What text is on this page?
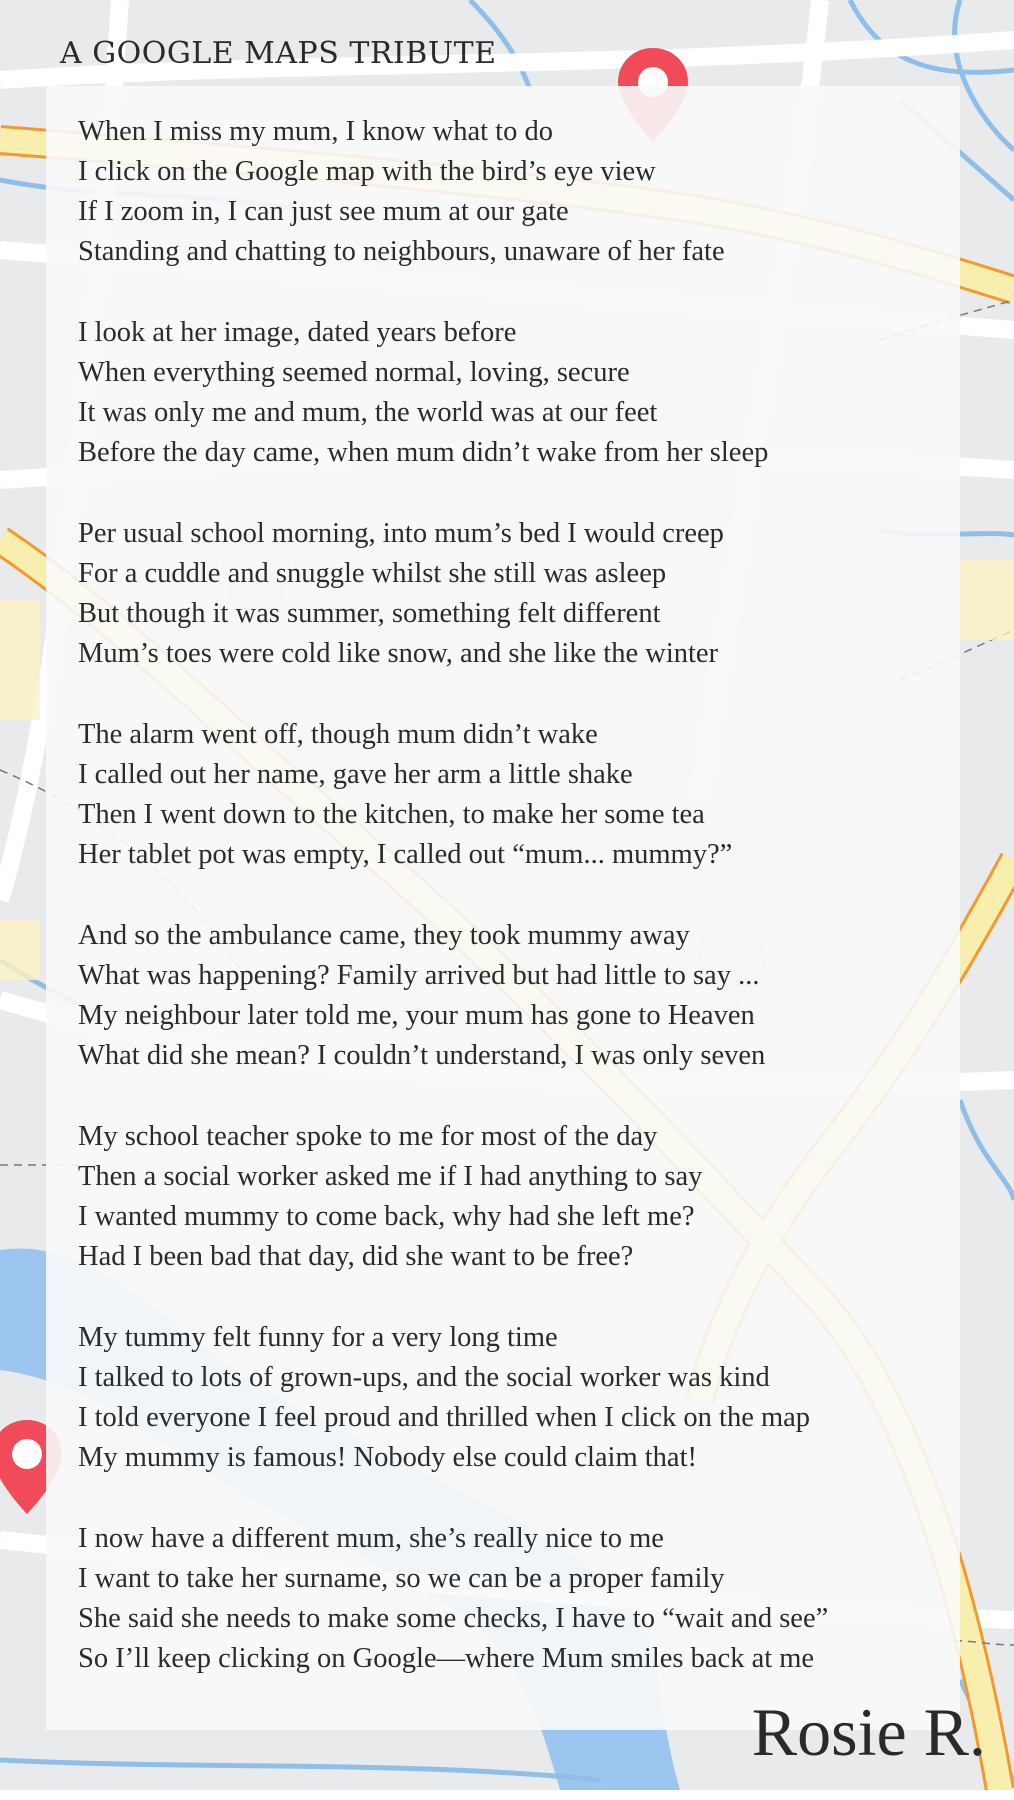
A GOOGLE MAPS TRIBUTE
When I miss my mum, I know what to do
I click on the Google map with the bird’s eye view
If I zoom in, I can just see mum at our gate
Standing and chatting to neighbours, unaware of her fate
I look at her image, dated years before
When everything seemed normal, loving, secure
It was only me and mum, the world was at our feet
Before the day came, when mum didn’t wake from her sleep
Per usual school morning, into mum’s bed I would creep
For a cuddle and snuggle whilst she still was asleep
But though it was summer, something felt different
Mum’s toes were cold like snow, and she like the winter
The alarm went off, though mum didn’t wake
I called out her name, gave her arm a little shake
Then I went down to the kitchen, to make her some tea
Her tablet pot was empty, I called out “mum... mummy?”
And so the ambulance came, they took mummy away
What was happening? Family arrived but had little to say ...
My neighbour later told me, your mum has gone to Heaven
What did she mean? I couldn’t understand, I was only seven
My school teacher spoke to me for most of the day
Then a social worker asked me if I had anything to say
I wanted mummy to come back, why had she left me?
Had I been bad that day, did she want to be free?
My tummy felt funny for a very long time
I talked to lots of grown-ups, and the social worker was kind
I told everyone I feel proud and thrilled when I click on the map
My mummy is famous! Nobody else could claim that!
I now have a different mum, she’s really nice to me
I want to take her surname, so we can be a proper family
She said she needs to make some checks, I have to “wait and see”
So I’ll keep clicking on Google—where Mum smiles back at me
Rosie R.
